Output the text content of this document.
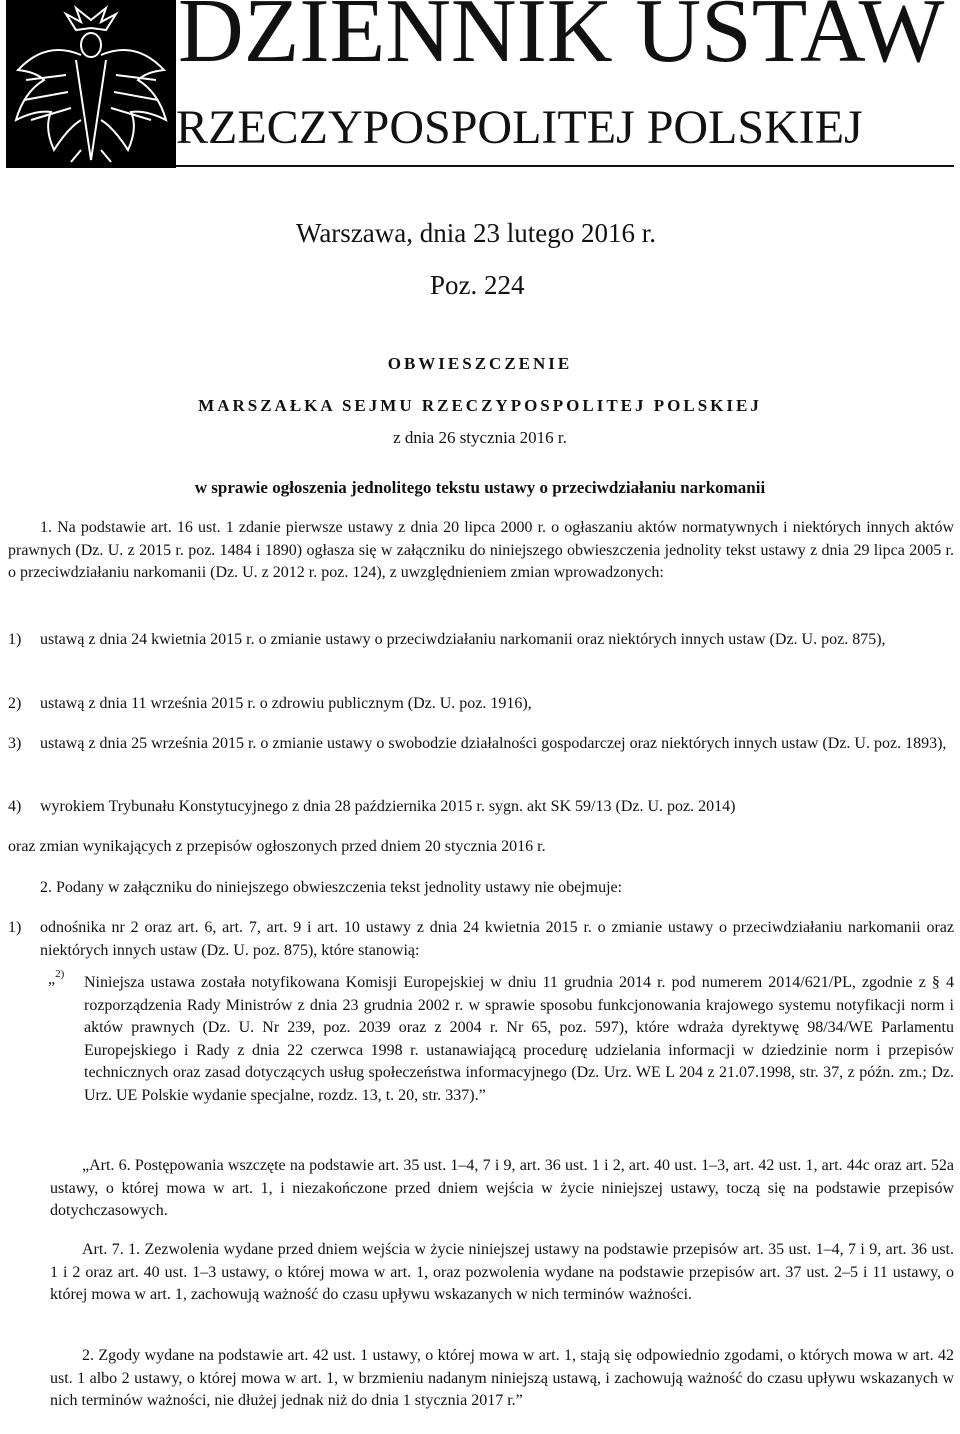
DZIENNIK USTAW
RZECZYPOSPOLITEJ POLSKIEJ
Warszawa, dnia 23 lutego 2016 r.
Poz. 224
OBWIESZCZENIE
MARSZAŁKA SEJMU RZECZYPOSPOLITEJ POLSKIEJ
z dnia 26 stycznia 2016 r.
w sprawie ogłoszenia jednolitego tekstu ustawy o przeciwdziałaniu narkomanii
1. Na podstawie art. 16 ust. 1 zdanie pierwsze ustawy z dnia 20 lipca 2000 r. o ogłaszaniu aktów normatywnych i niektórych innych aktów prawnych (Dz. U. z 2015 r. poz. 1484 i 1890) ogłasza się w załączniku do niniejszego obwieszczenia jednolity tekst ustawy z dnia 29 lipca 2005 r. o przeciwdziałaniu narkomanii (Dz. U. z 2012 r. poz. 124), z uwzględnieniem zmian wprowadzonych:
1) ustawą z dnia 24 kwietnia 2015 r. o zmianie ustawy o przeciwdziałaniu narkomanii oraz niektórych innych ustaw (Dz. U. poz. 875),
2) ustawą z dnia 11 września 2015 r. o zdrowiu publicznym (Dz. U. poz. 1916),
3) ustawą z dnia 25 września 2015 r. o zmianie ustawy o swobodzie działalności gospodarczej oraz niektórych innych ustaw (Dz. U. poz. 1893),
4) wyrokiem Trybunału Konstytucyjnego z dnia 28 października 2015 r. sygn. akt SK 59/13 (Dz. U. poz. 2014)
oraz zmian wynikających z przepisów ogłoszonych przed dniem 20 stycznia 2016 r.
2. Podany w załączniku do niniejszego obwieszczenia tekst jednolity ustawy nie obejmuje:
1) odnośnika nr 2 oraz art. 6, art. 7, art. 9 i art. 10 ustawy z dnia 24 kwietnia 2015 r. o zmianie ustawy o przeciwdziałaniu narkomanii oraz niektórych innych ustaw (Dz. U. poz. 875), które stanowią:
„$^{2)}$ Niniejsza ustawa została notyfikowana Komisji Europejskiej w dniu 11 grudnia 2014 r. pod numerem 2014/621/PL, zgodnie z § 4 rozporządzenia Rady Ministrów z dnia 23 grudnia 2002 r. w sprawie sposobu funkcjonowania krajowego systemu notyfikacji norm i aktów prawnych (Dz. U. Nr 239, poz. 2039 oraz z 2004 r. Nr 65, poz. 597), które wdraża dyrektywę 98/34/WE Parlamentu Europejskiego i Rady z dnia 22 czerwca 1998 r. ustanawiającą procedurę udzielania informacji w dziedzinie norm i przepisów technicznych oraz zasad dotyczących usług społeczeństwa informacyjnego (Dz. Urz. WE L 204 z 21.07.1998, str. 37, z późn. zm.; Dz. Urz. UE Polskie wydanie specjalne, rozdz. 13, t. 20, str. 337).”
„Art. 6. Postępowania wszczęte na podstawie art. 35 ust. 1–4, 7 i 9, art. 36 ust. 1 i 2, art. 40 ust. 1–3, art. 42 ust. 1, art. 44c oraz art. 52a ustawy, o której mowa w art. 1, i niezakończone przed dniem wejścia w życie niniejszej ustawy, toczą się na podstawie przepisów dotychczasowych.
Art. 7. 1. Zezwolenia wydane przed dniem wejścia w życie niniejszej ustawy na podstawie przepisów art. 35 ust. 1–4, 7 i 9, art. 36 ust. 1 i 2 oraz art. 40 ust. 1–3 ustawy, o której mowa w art. 1, oraz pozwolenia wydane na podstawie przepisów art. 37 ust. 2–5 i 11 ustawy, o której mowa w art. 1, zachowują ważność do czasu upływu wskazanych w nich terminów ważności.
2. Zgody wydane na podstawie art. 42 ust. 1 ustawy, o której mowa w art. 1, stają się odpowiednio zgodami, o których mowa w art. 42 ust. 1 albo 2 ustawy, o której mowa w art. 1, w brzmieniu nadanym niniejszą ustawą, i zachowują ważność do czasu upływu wskazanych w nich terminów ważności, nie dłużej jednak niż do dnia 1 stycznia 2017 r.”
